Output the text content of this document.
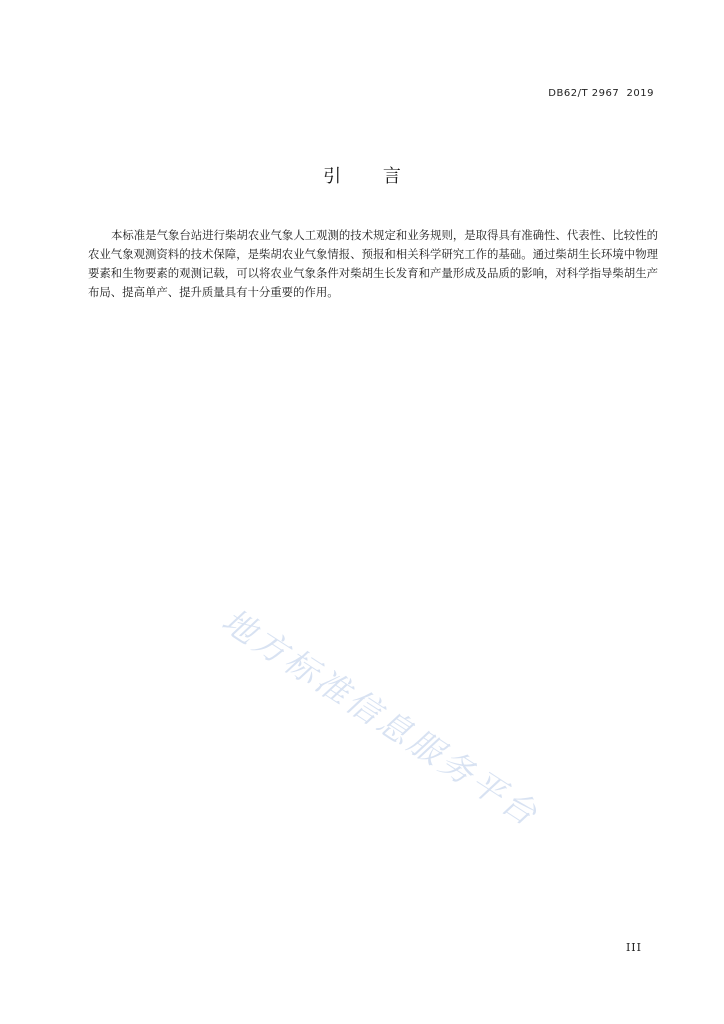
DB62/T 2967  2019
引 言

本标准是气象台站进行柴胡农业气象人工观测的技术规定和业务规则，是取得具有准确性、代表性、比较性的农业气象观测资料的技术保障，是柴胡农业气象情报、预报和相关科学研究工作的基础。通过柴胡生长环境中物理要素和生物要素的观测记载，可以将农业气象条件对柴胡生长发育和产量形成及品质的影响，对科学指导柴胡生产布局、提高单产、提升质量具有十分重要的作用。

地方标准信息服务平台
III
